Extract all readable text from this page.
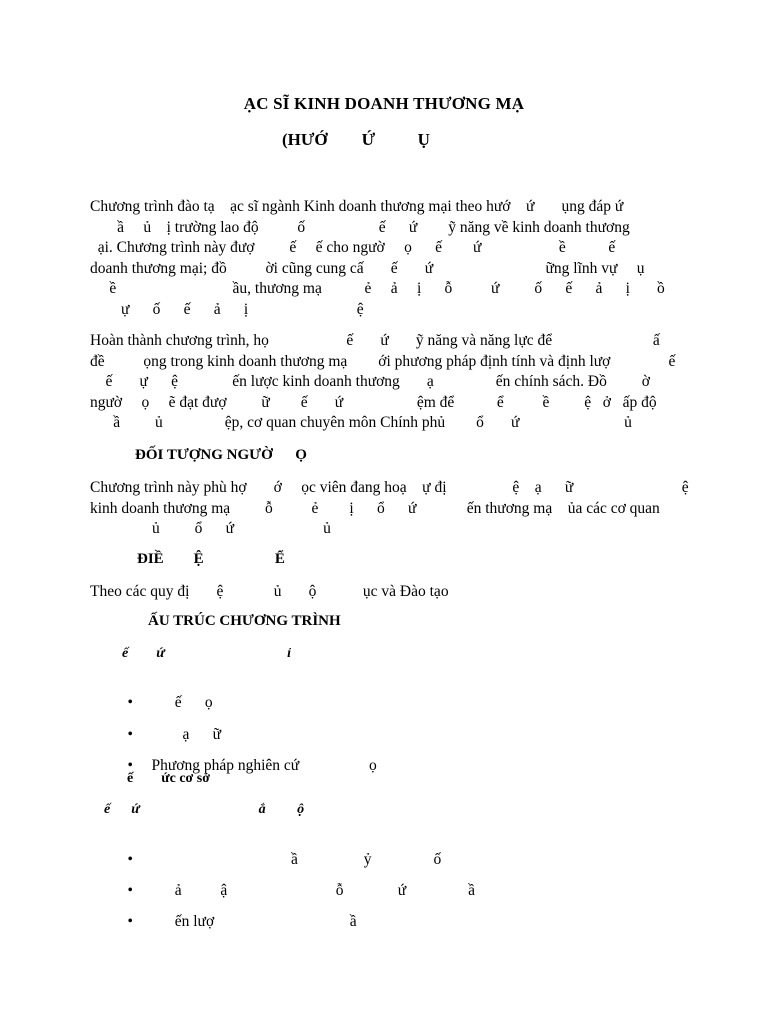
ẠC SĨ KINH DOANH THƯƠNG MẠ
(HƯỚ        Ứ          Ụ
Chương trình đào tạ    ạc sĩ ngành Kinh doanh thương mại theo hướ    ứ       ụng đáp ứ
ầ     ủ    ị trường lao độ          ố                   ế      ứ        ỹ năng về kinh doanh thương
ại. Chương trình này đượ         ế     ế cho ngườ     ọ      ế        ứ                    ề           ế
doanh thương mại; đồ          ời cũng cung cấ       ế       ứ                             ững lĩnh vự     ụ
ề                              ầu, thương mạ           ẻ     ả     ị      ỗ          ứ         ố      ế      ả      ị       ồ
ự      ố      ế      ả      ị                            ệ
Hoàn thành chương trình, họ                    ế       ứ       ỹ năng và năng lực để                          ấ
đề          ọng trong kinh doanh thương mạ        ới phương pháp định tính và định lượ               ế
ế       ự      ệ              ến lược kinh doanh thương       ạ                ến chính sách. Đồ         ờ
ngườ     ọ     ẽ đạt đượ         ữ        ế       ứ                   ệm để           ể          ề         ệ   ở   ấp độ
ầ         ủ                ệp, cơ quan chuyên môn Chính phủ        ổ       ứ                           ủ
ĐỐI TƯỢNG NGƯỜ      Ọ
Chương trình này phù hợ       ớ     ọc viên đang hoạ    ự đị                 ệ    ạ      ữ                            ệ
kinh doanh thương mạ         ỗ          ẻ        ị      ổ      ứ             ến thương mạ    ủa các cơ quan
ủ         ổ      ứ                       ủ
ĐIỀ        Ệ                   Ể
Theo các quy đị       ệ             ủ       ộ            ục và Đào tạo
ẤU TRÚC CHƯƠNG TRÌNH
ế        ứ                                   ỉ

•      ế      ọ

•        ạ      ữ

• Phương pháp nghiên cứ                  ọ

ế        ức cơ sở
ế      ứ                                  ắ         ộ

•                                    ầ                 ỷ                ố

•      ả          ậ                            ỗ              ứ                ầ

•      ến lượ                                   ầ
